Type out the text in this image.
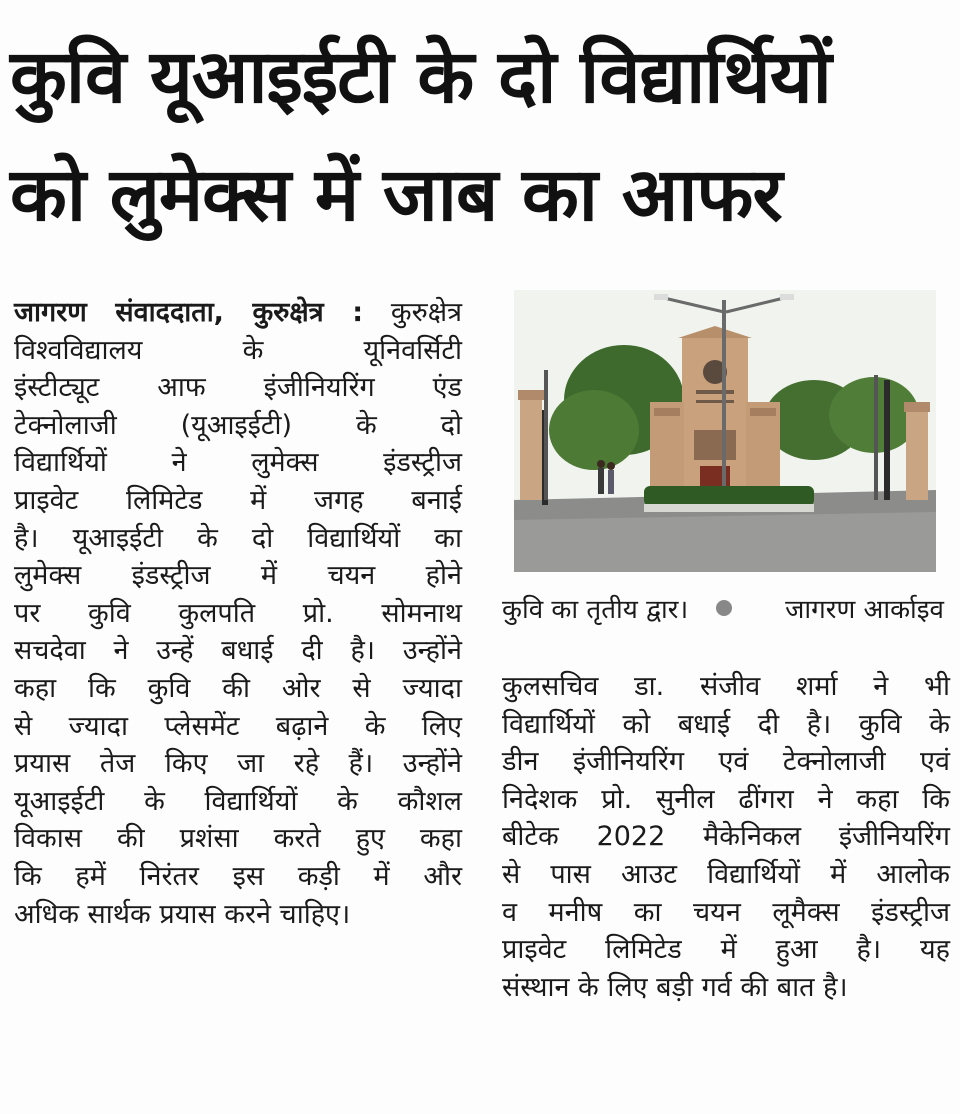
कुवि यूआइईटी के दो विद्यार्थियों
को लुमेक्स में जाब का आफर
जागरण संवाददाता, कुरुक्षेत्र : कुरुक्षेत्र
विश्वविद्यालय के यूनिवर्सिटी
इंस्टीट्यूट आफ इंजीनियरिंग एंड
टेक्नोलाजी (यूआइईटी) के दो
विद्यार्थियों ने लुमेक्स इंडस्ट्रीज
प्राइवेट लिमिटेड में जगह बनाई
है। यूआइईटी के दो विद्यार्थियों का
लुमेक्स इंडस्ट्रीज में चयन होने
पर कुवि कुलपति प्रो. सोमनाथ
सचदेवा ने उन्हें बधाई दी है। उन्होंने
कहा कि कुवि की ओर से ज्यादा
से ज्यादा प्लेसमेंट बढ़ाने के लिए
प्रयास तेज किए जा रहे हैं। उन्होंने
यूआइईटी के विद्यार्थियों के कौशल
विकास की प्रशंसा करते हुए कहा
कि हमें निरंतर इस कड़ी में और
अधिक सार्थक प्रयास करने चाहिए।
कुवि का तृतीय द्वार।	जागरण आर्काइव
कुलसचिव डा. संजीव शर्मा ने भी
विद्यार्थियों को बधाई दी है। कुवि के
डीन इंजीनियरिंग एवं टेक्नोलाजी एवं
निदेशक प्रो. सुनील ढींगरा ने कहा कि
बीटेक 2022 मैकेनिकल इंजीनियरिंग
से पास आउट विद्यार्थियों में आलोक
व मनीष का चयन लूमैक्स इंडस्ट्रीज
प्राइवेट लिमिटेड में हुआ है। यह
संस्थान के लिए बड़ी गर्व की बात है।
